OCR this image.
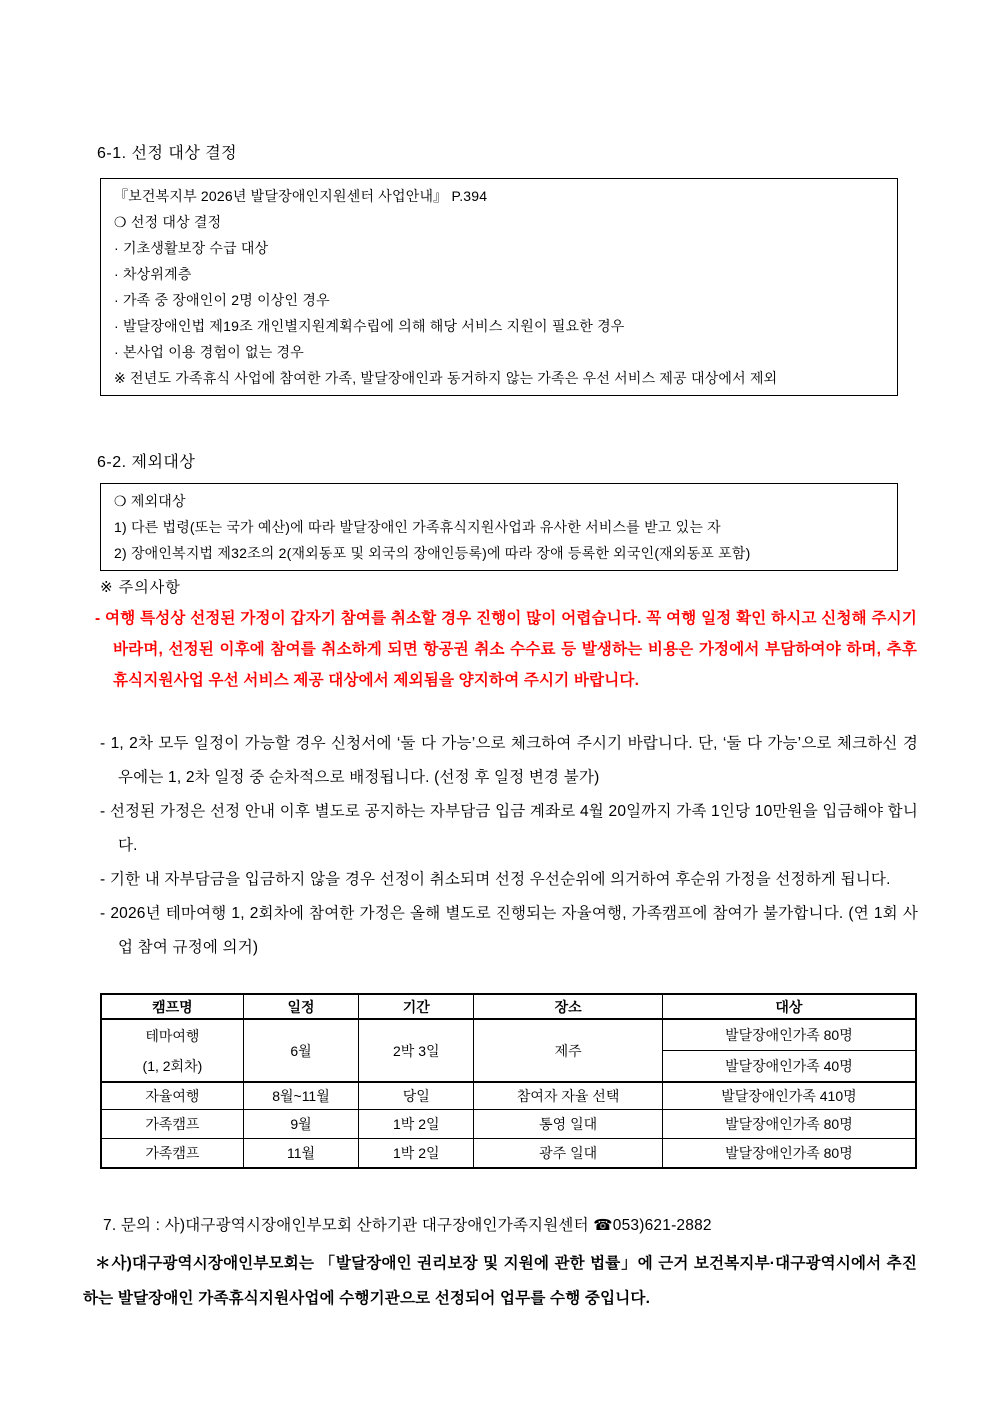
6-1. 선정 대상 결정
『보건복지부 2026년 발달장애인지원센터 사업안내』 P.394
❍ 선정 대상 결정
· 기초생활보장 수급 대상
· 차상위계층
· 가족 중 장애인이 2명 이상인 경우
· 발달장애인법 제19조 개인별지원계획수립에 의해 해당 서비스 지원이 필요한 경우
· 본사업 이용 경험이 없는 경우
※ 전년도 가족휴식 사업에 참여한 가족, 발달장애인과 동거하지 않는 가족은 우선 서비스 제공 대상에서 제외
6-2. 제외대상
❍ 제외대상
1) 다른 법령(또는 국가 예산)에 따라 발달장애인 가족휴식지원사업과 유사한 서비스를 받고 있는 자
2) 장애인복지법 제32조의 2(재외동포 및 외국의 장애인등록)에 따라 장애 등록한 외국인(재외동포 포함)
※ 주의사항
- 여행 특성상 선정된 가정이 갑자기 참여를 취소할 경우 진행이 많이 어렵습니다. 꼭 여행 일정 확인 하시고 신청해 주시기 바라며, 선정된 이후에 참여를 취소하게 되면 항공권 취소 수수료 등 발생하는 비용은 가정에서 부담하여야 하며, 추후 휴식지원사업 우선 서비스 제공 대상에서 제외됨을 양지하여 주시기 바랍니다.
- 1, 2차 모두 일정이 가능할 경우 신청서에 ‘둘 다 가능’으로 체크하여 주시기 바랍니다. 단, ‘둘 다 가능’으로 체크하신 경우에는 1, 2차 일정 중 순차적으로 배정됩니다. (선정 후 일정 변경 불가)
- 선정된 가정은 선정 안내 이후 별도로 공지하는 자부담금 입금 계좌로 4월 20일까지 가족 1인당 10만원을 입금해야 합니다.
- 기한 내 자부담금을 입금하지 않을 경우 선정이 취소되며 선정 우선순위에 의거하여 후순위 가정을 선정하게 됩니다.
- 2026년 테마여행 1, 2회차에 참여한 가정은 올해 별도로 진행되는 자율여행, 가족캠프에 참여가 불가합니다. (연 1회 사업 참여 규정에 의거)
캠프명	일정	기간	장소	대상

테마여행
(1, 2회차)	6월	2박 3일	제주	발달장애인가족 80명
				발달장애인가족 40명
자율여행	8월~11월	당일	참여자 자율 선택	발달장애인가족 410명
가족캠프	9월	1박 2일	통영 일대	발달장애인가족 80명
가족캠프	11월	1박 2일	광주 일대	발달장애인가족 80명
7. 문의 : 사)대구광역시장애인부모회 산하기관 대구장애인가족지원센터 ☎053)621-2882
＊사)대구광역시장애인부모회는 「발달장애인 권리보장 및 지원에 관한 법률」에 근거 보건복지부·대구광역시에서 추진하는 발달장애인 가족휴식지원사업에 수행기관으로 선정되어 업무를 수행 중입니다.
